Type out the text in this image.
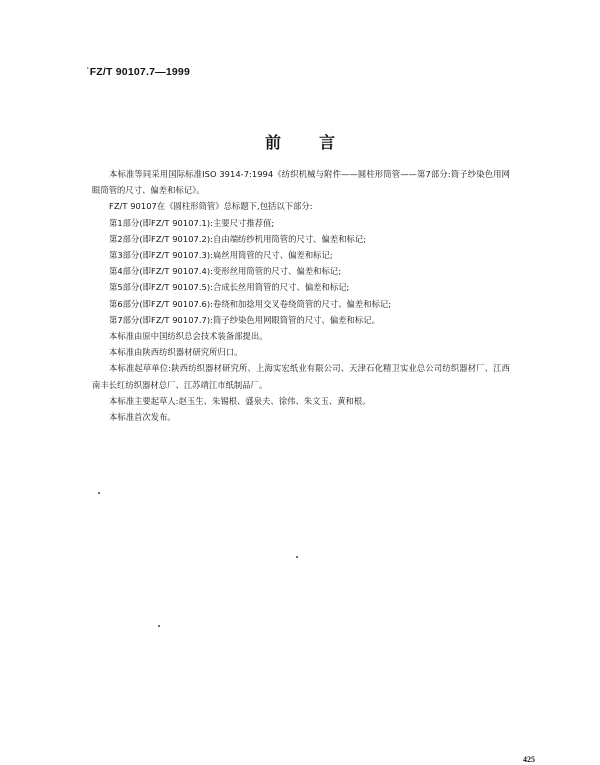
˙FZ/T 90107.7—1999
前言

本标准等同采用国际标准ISO 3914-7:1994《纺织机械与附件——圆柱形筒管——第7部分:筒子纱染色用网眼筒管的尺寸、偏差和标记》。

FZ/T 90107在《圆柱形筒管》总标题下,包括以下部分:

第1部分(即FZ/T 90107.1):主要尺寸推荐值;

第2部分(即FZ/T 90107.2):自由端纺纱机用筒管的尺寸、偏差和标记;

第3部分(即FZ/T 90107.3):扁丝用筒管的尺寸、偏差和标记;

第4部分(即FZ/T 90107.4):变形丝用筒管的尺寸、偏差和标记;

第5部分(即FZ/T 90107.5):合成长丝用筒管的尺寸、偏差和标记;

第6部分(即FZ/T 90107.6):卷绕和加捻用交叉卷绕筒管的尺寸、偏差和标记;

第7部分(即FZ/T 90107.7):筒子纱染色用网眼筒管的尺寸、偏差和标记。

本标准由原中国纺织总会技术装备部提出。

本标准由陕西纺织器材研究所归口。

本标准起草单位:陕西纺织器材研究所、上海实宏纸业有限公司、天津石化精卫实业总公司纺织器材厂、江西南丰长红纺织器材总厂、江苏靖江市纸制品厂。

本标准主要起草人:赵玉生、朱锡根、盛泉夫、徐伟、朱文玉、黄和根。

本标准首次发布。

425
